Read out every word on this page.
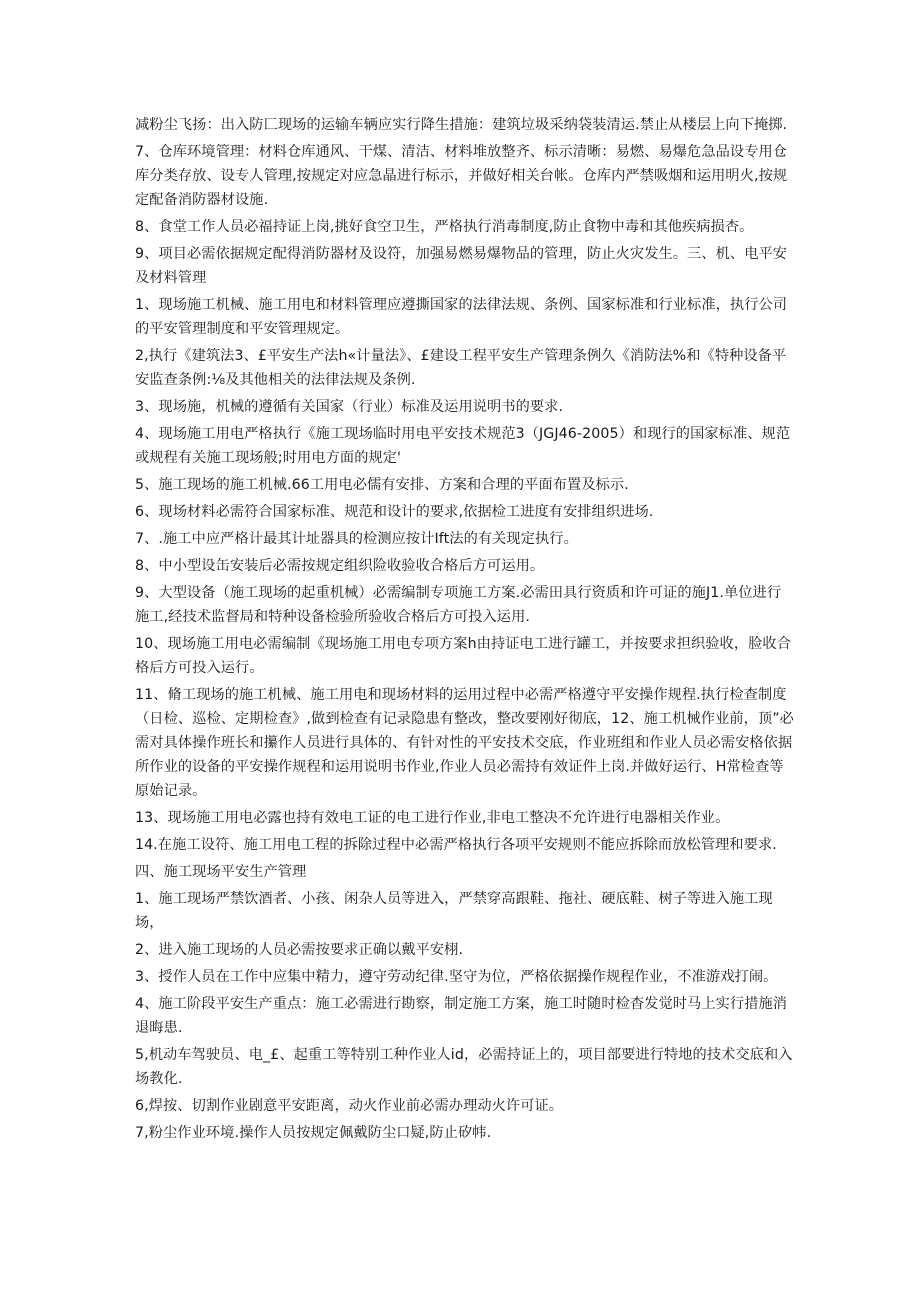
减粉尘飞扬：出入防匚现场的运输车辆应实行降生措施：建筑垃圾采纳袋装清运.禁止从楼层上向下掩掷.

7、仓库环境管理：材料仓库通风、干煤、清洁、材料堆放整齐、标示清晰：易燃、易爆危急品设专用仓库分类存放、设专人管理,按规定对应急晶进行标示，并做好相关台帐。仓库内严禁吸烟和运用明火,按规定配备消防器材设施.

8、食堂工作人员必福持证上岗,挑好食空卫生，严格执行消毒制度,防止食物中毒和其他疾病损杏。

9、项目必需依据规定配得消防器材及设符，加强易燃易爆物品的管理，防止火灾发生。三、机、电平安及材料管理

1、现场施工机械、施工用电和材料管理应遵撕国家的法律法规、条例、国家标准和行业标准，执行公司的平安管理制度和平安管理规定。

2,执行《建筑法3、£平安生产法h«计量法》、£建设工程平安生产管理条例久《消防法%和《特种设备平安监查条例:⅛及其他相关的法律法规及条例.

3、现场施，机械的遵循有关国家（行业）标准及运用说明书的要求.

4、现场施工用电严格执行《施工现场临时用电平安技术规范3（JGJ46-2005）和现行的国家标准、规范或规程有关施工现场般;时用电方面的规定'

5、施工现场的施工机械.66工用电必儒有安排、方案和合理的平面布置及标示.

6、现场材料必需符合国家标准、规范和设计的要求,依据检工进度有安排组织进场.

7、.施工中应严格计最其计址器具的检测应按计Ift法的有关现定执行。

8、中小型设缶安装后必需按规定组织险收验收合格后方可运用。

9、大型设备（施工现场的起重机械）必需编制专项施工方案.必需田具行资质和许可证的施J1.单位进行施工,经技术监督局和特种设备检验所验收合格后方可投入运用.

10、现场施工用电必需编制《现场施工用电专项方案h由持证电工进行罐工，并按要求担织验收，脸收合格后方可投入运行。

11、脩工现场的施工机械、施工用电和现场材料的运用过程中必需严格遵守平安操作规程.执行检查制度（日检、巡检、定期检查》,做到检查有记录隐患有整改，整改要刚好彻底，12、施工机械作业前，顶”必需对具体操作班长和攥作人员进行具体的、有针对性的平安技术交底，作业班组和作业人员必需安格依据所作业的设备的平安操作规程和运用说明书作业,作业人员必需持有效证件上岗.并做好运行、H常检查等原始记录。

13、现场施工用电必露也持有效电工证的电工进行作业,非电工整决不允许进行电器相关作业。

14.在施工设符、施工用电工程的拆除过程中必需严格执行各项平安规则不能应拆除而放松管理和要求.

四、施工现场平安生产管理

1、施工现场严禁饮酒者、小孩、闲杂人员等进入，严禁穿高跟鞋、拖社、硬底鞋、树子等进入施工现场，

2、进入施工现场的人员必需按要求正确以戴平安栩.

3、授作人员在工作中应集中精力，遵守劳动纪律.坚守为位，严格依据操作规程作业，不准游戏打闹。

4、施工阶段平安生产重点：施工必需进行勘察，制定施工方案，施工时随时检杳发觉时马上实行措施消退晦患.

5,机动车驾驶员、电_£、起重工等特别工种作业人id，必需持证上的，项目部要进行特地的技术交底和入场教化.

6,焊按、切割作业剧意平安距离，动火作业前必需办理动火许可证。

7,粉尘作业环境.操作人员按规定佩戴防尘口疑,防止矽帏.
